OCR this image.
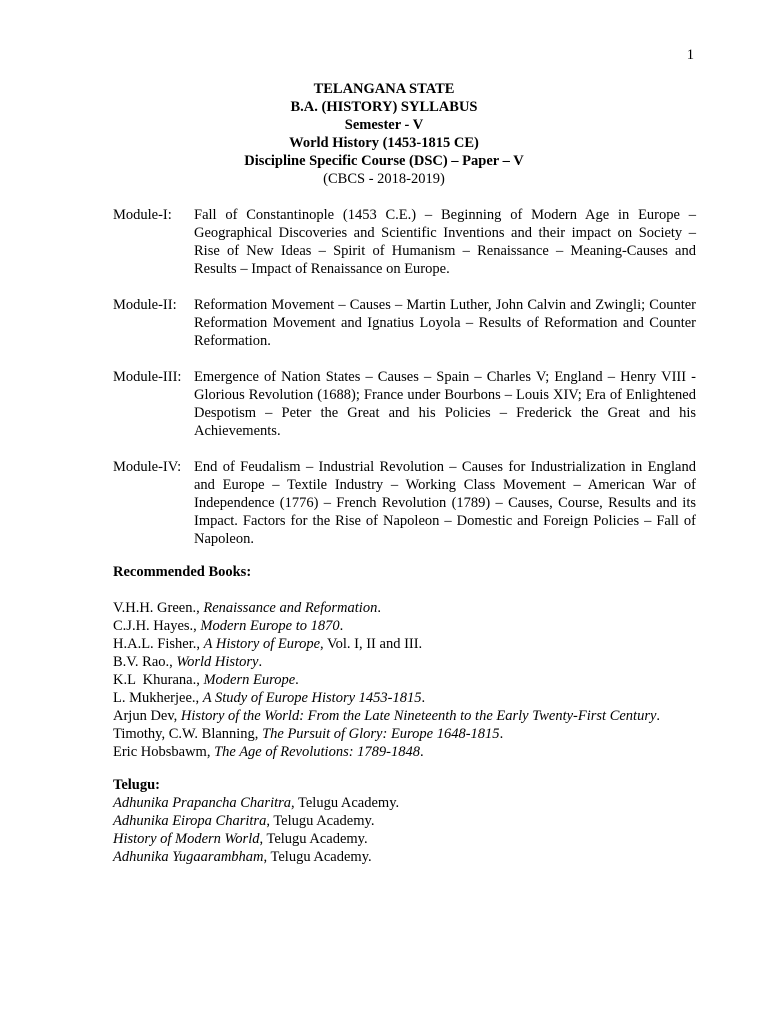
1
TELANGANA STATE
B.A. (HISTORY) SYLLABUS
Semester - V
World History (1453-1815 CE)
Discipline Specific Course (DSC) – Paper – V
(CBCS - 2018-2019)
Module-I:	Fall of Constantinople (1453 C.E.) – Beginning of Modern Age in Europe – Geographical Discoveries and Scientific Inventions and their impact on Society – Rise of New Ideas – Spirit of Humanism – Renaissance – Meaning-Causes and Results – Impact of Renaissance on Europe.
Module-II:	Reformation Movement – Causes – Martin Luther, John Calvin and Zwingli; Counter Reformation Movement and Ignatius Loyola – Results of Reformation and Counter Reformation.
Module-III: Emergence of Nation States – Causes – Spain – Charles V; England – Henry VIII - Glorious Revolution (1688); France under Bourbons – Louis XIV; Era of Enlightened Despotism – Peter the Great and his Policies – Frederick the Great and his Achievements.
Module-IV: End of Feudalism – Industrial Revolution – Causes for Industrialization in England and Europe – Textile Industry – Working Class Movement – American War of Independence (1776) – French Revolution (1789) – Causes, Course, Results and its Impact. Factors for the Rise of Napoleon – Domestic and Foreign Policies – Fall of Napoleon.
Recommended Books:
V.H.H. Green., Renaissance and Reformation.
C.J.H. Hayes., Modern Europe to 1870.
H.A.L. Fisher., A History of Europe, Vol. I, II and III.
B.V. Rao., World History.
K.L  Khurana., Modern Europe.
L. Mukherjee., A Study of Europe History 1453-1815.
Arjun Dev, History of the World: From the Late Nineteenth to the Early Twenty-First Century.
Timothy, C.W. Blanning, The Pursuit of Glory: Europe 1648-1815.
Eric Hobsbawm, The Age of Revolutions: 1789-1848.
Telugu:
Adhunika Prapancha Charitra, Telugu Academy.
Adhunika Eiropa Charitra, Telugu Academy.
History of Modern World, Telugu Academy.
Adhunika Yugaarambham, Telugu Academy.
